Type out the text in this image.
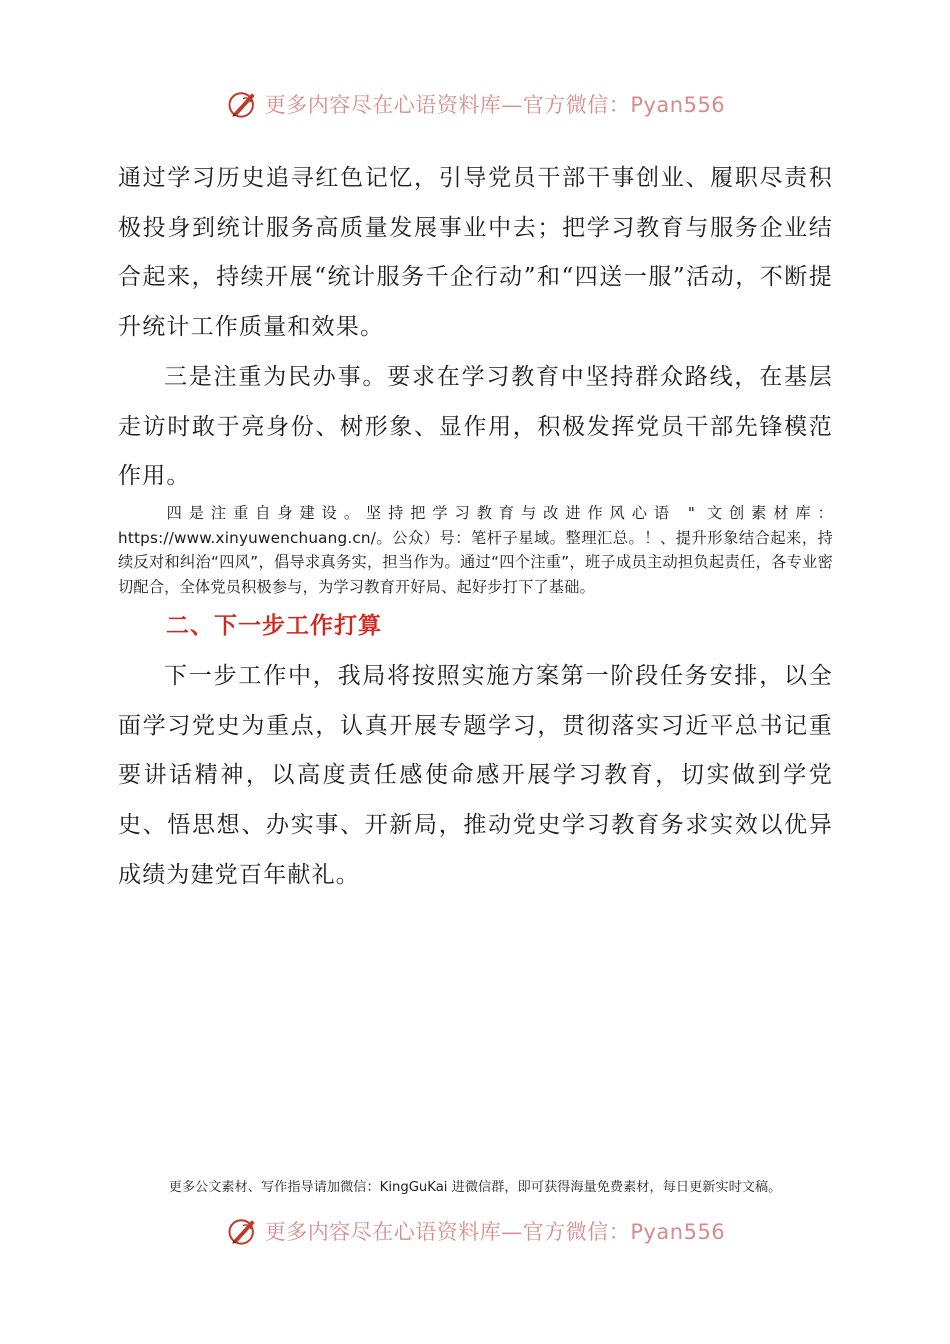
更多内容尽在心语资料库—官方微信：Pyan556

通过学习历史追寻红色记忆，引导党员干部干事创业、履职尽责积极投身到统计服务高质量发展事业中去；把学习教育与服务企业结合起来，持续开展“统计服务千企行动”和“四送一服”活动，不断提升统计工作质量和效果。

三是注重为民办事。要求在学习教育中坚持群众路线，在基层走访时敢于亮身份、树形象、显作用，积极发挥党员干部先锋模范作用。

四是注重自身建设。坚持把学习教育与改进作风心语 " 文创素材库： https://www.xinyuwenchuang.cn/。公众）号：笔杆子星域。整理汇总。！、提升形象结合起来，持续反对和纠治“四风”，倡导求真务实，担当作为。通过“四个注重”，班子成员主动担负起责任，各专业密切配合，全体党员积极参与，为学习教育开好局、起好步打下了基础。

二、下一步工作打算

下一步工作中，我局将按照实施方案第一阶段任务安排，以全面学习党史为重点，认真开展专题学习，贯彻落实习近平总书记重要讲话精神，以高度责任感使命感开展学习教育，切实做到学党史、悟思想、办实事、开新局，推动党史学习教育务求实效以优异成绩为建党百年献礼。

更多公文素材、写作指导请加微信：KingGuKai 进微信群，即可获得海量免费素材，每日更新实时文稿。

更多内容尽在心语资料库—官方微信：Pyan556
